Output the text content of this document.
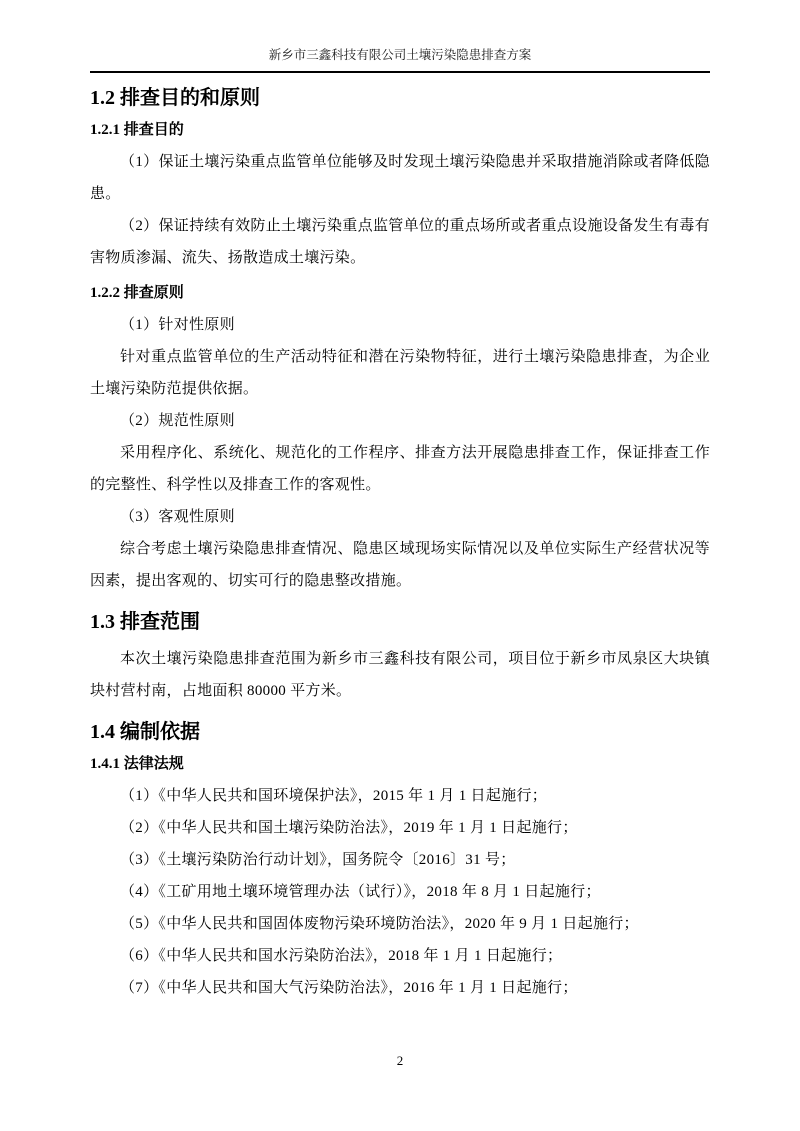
新乡市三鑫科技有限公司土壤污染隐患排查方案
1.2 排查目的和原则
1.2.1 排查目的

（1）保证土壤污染重点监管单位能够及时发现土壤污染隐患并采取措施消除或者降低隐患。

（2）保证持续有效防止土壤污染重点监管单位的重点场所或者重点设施设备发生有毒有害物质渗漏、流失、扬散造成土壤污染。

1.2.2 排查原则

（1）针对性原则

针对重点监管单位的生产活动特征和潜在污染物特征，进行土壤污染隐患排查，为企业土壤污染防范提供依据。

（2）规范性原则

采用程序化、系统化、规范化的工作程序、排查方法开展隐患排查工作，保证排查工作的完整性、科学性以及排查工作的客观性。

（3）客观性原则

综合考虑土壤污染隐患排查情况、隐患区域现场实际情况以及单位实际生产经营状况等因素，提出客观的、切实可行的隐患整改措施。

1.3 排查范围

本次土壤污染隐患排查范围为新乡市三鑫科技有限公司，项目位于新乡市凤泉区大块镇块村营村南，占地面积 80000 平方米。

1.4 编制依据
1.4.1 法律法规

（1）《中华人民共和国环境保护法》，2015 年 1 月 1 日起施行；

（2）《中华人民共和国土壤污染防治法》，2019 年 1 月 1 日起施行；

（3）《土壤污染防治行动计划》，国务院令〔2016〕31 号；

（4）《工矿用地土壤环境管理办法（试行）》，2018 年 8 月 1 日起施行；

（5）《中华人民共和国固体废物污染环境防治法》，2020 年 9 月 1 日起施行；

（6）《中华人民共和国水污染防治法》，2018 年 1 月 1 日起施行；

（7）《中华人民共和国大气污染防治法》，2016 年 1 月 1 日起施行；

2
